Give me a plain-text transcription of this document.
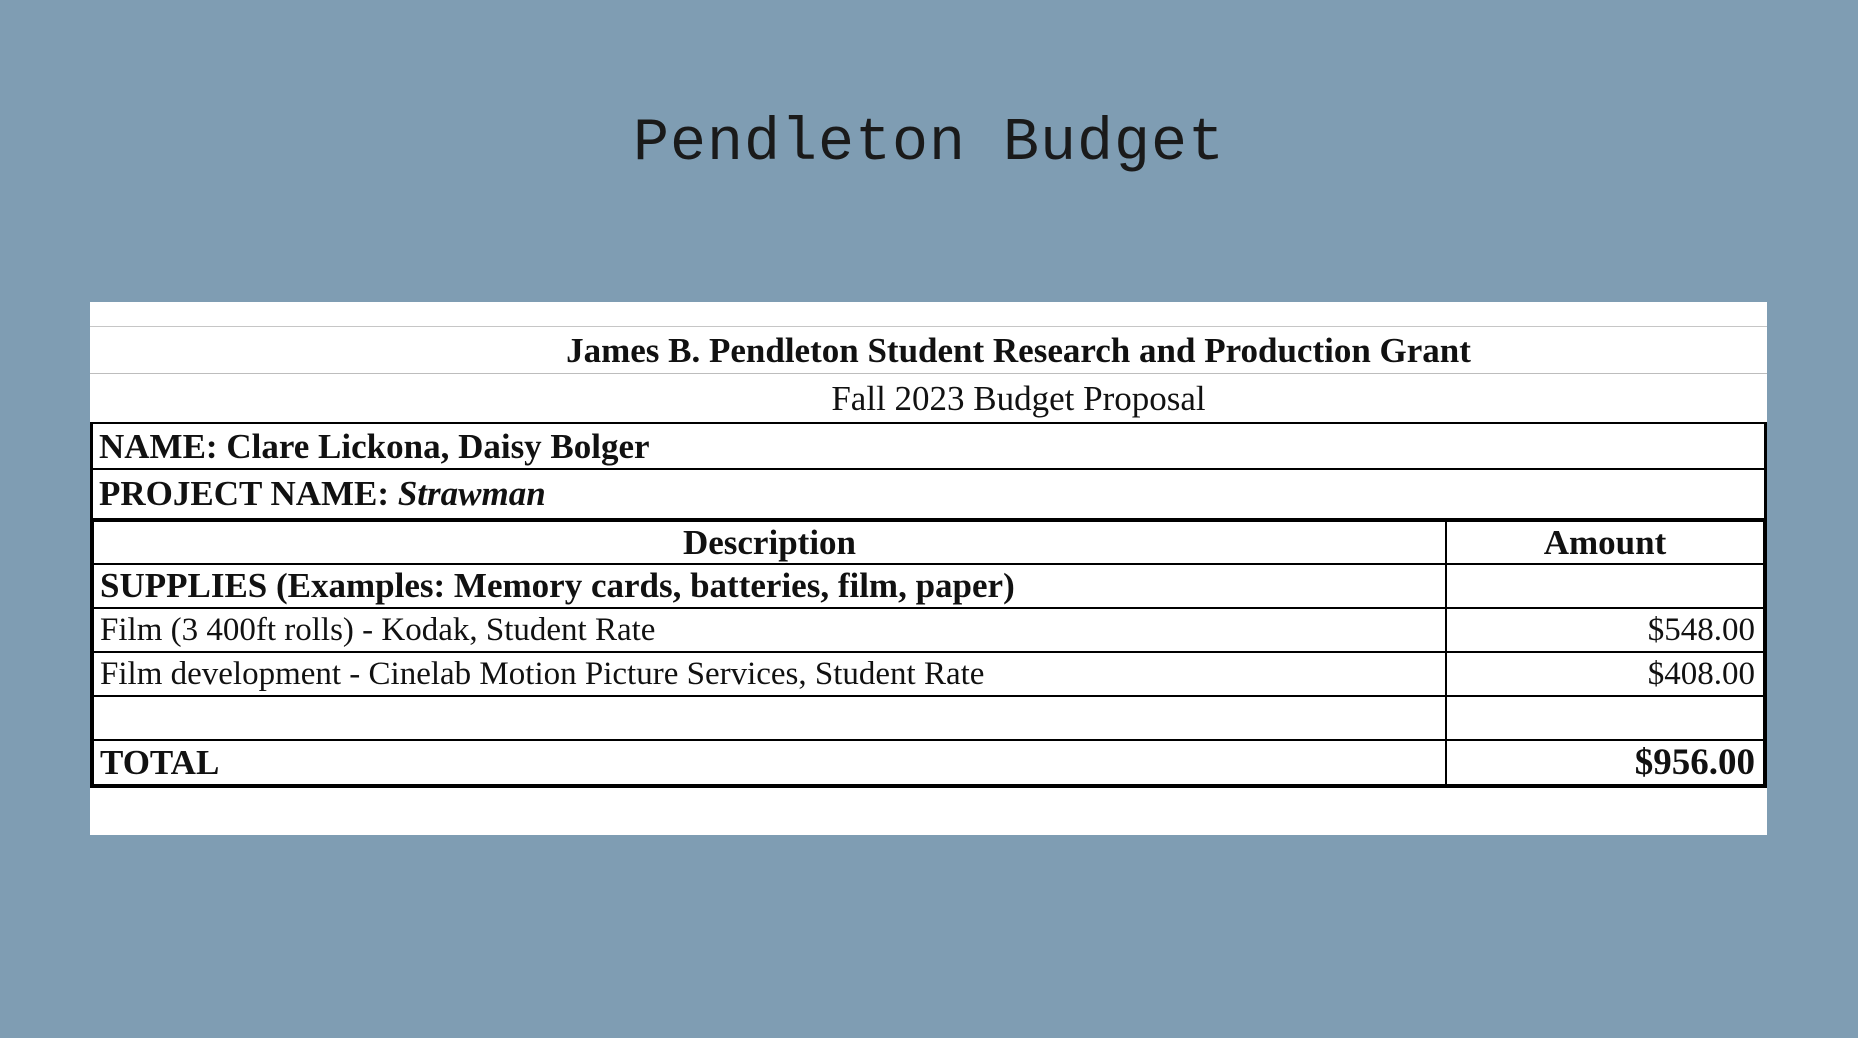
Pendleton Budget
James B. Pendleton Student Research and Production Grant
Fall 2023 Budget Proposal
NAME: Clare Lickona, Daisy Bolger
PROJECT NAME: Strawman
Description	Amount
SUPPLIES (Examples: Memory cards, batteries, film, paper)	
Film (3 400ft rolls) - Kodak, Student Rate	$548.00
Film development - Cinelab Motion Picture Services, Student Rate	$408.00

TOTAL	$956.00
